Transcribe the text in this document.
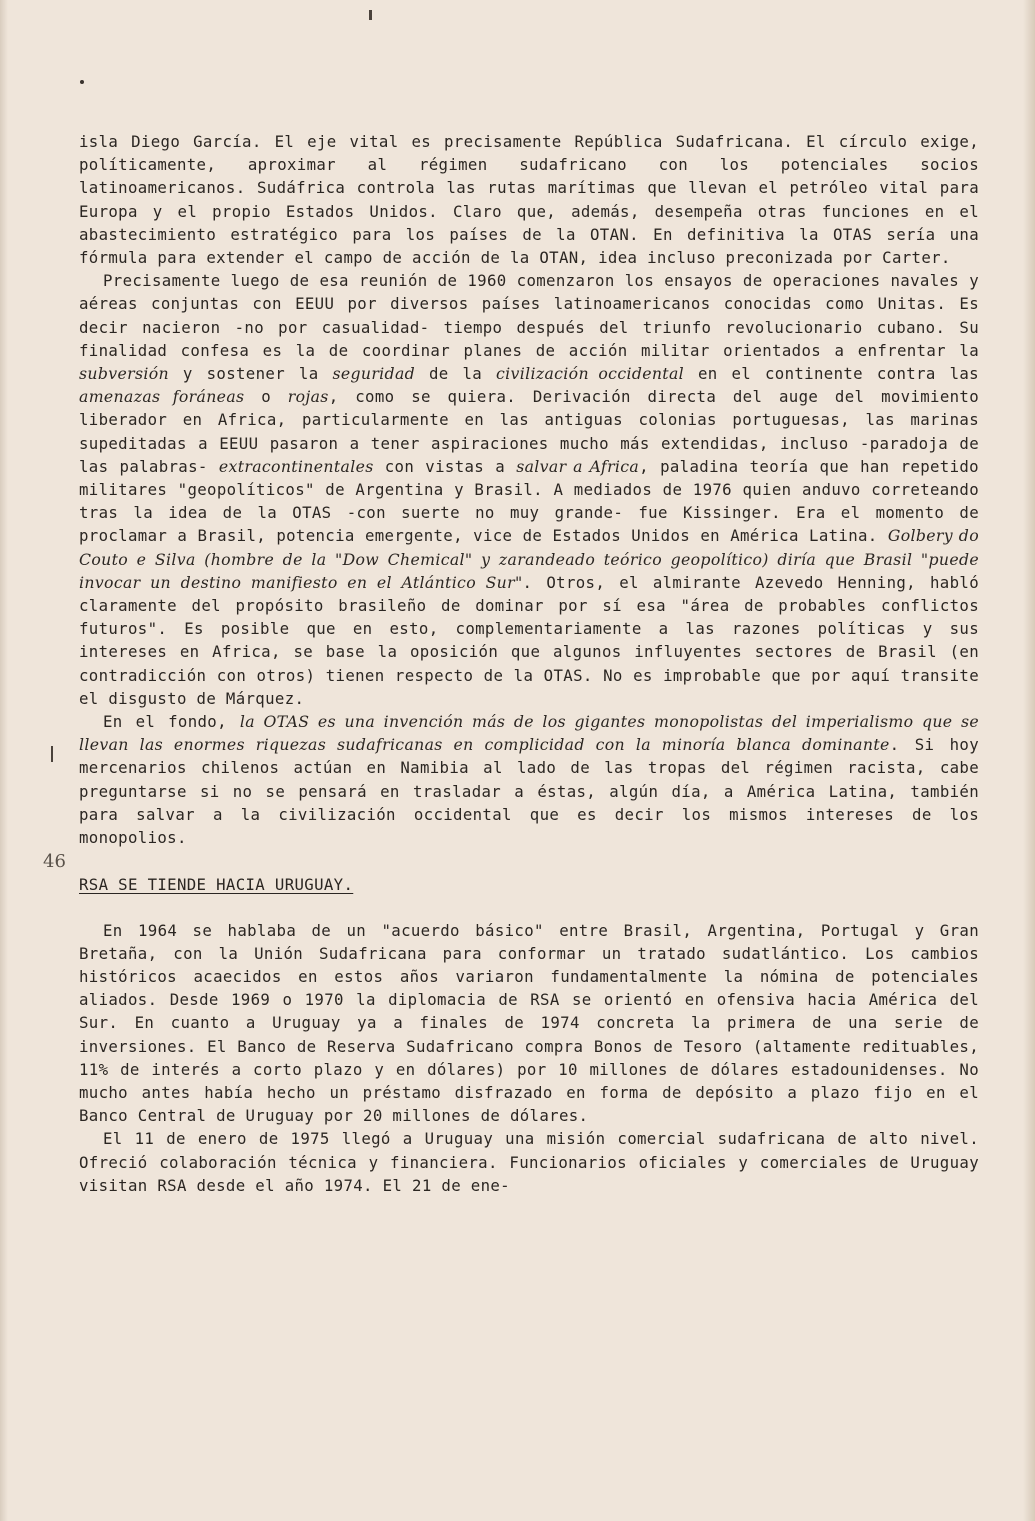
46

isla Diego García. El eje vital es precisamente República Sudafricana. El círculo exige, políticamente, aproximar al régimen sudafricano con los potenciales socios latinoamericanos. Sudáfrica controla las rutas marítimas que llevan el petróleo vital para Europa y el propio Estados Unidos. Claro que, además, desempeña otras funciones en el abastecimiento estratégico para los países de la OTAN. En definitiva la OTAS sería una fórmula para extender el campo de acción de la OTAN, idea incluso preconizada por Carter.

Precisamente luego de esa reunión de 1960 comenzaron los ensayos de operaciones navales y aéreas conjuntas con EEUU por diversos países latinoamericanos conocidas como Unitas. Es decir nacieron -no por casualidad- tiempo después del triunfo revolucionario cubano. Su finalidad confesa es la de coordinar planes de acción militar orientados a enfrentar la subversión y sostener la seguridad de la civilización occidental en el continente contra las amenazas foráneas o rojas, como se quiera. Derivación directa del auge del movimiento liberador en Africa, particularmente en las antiguas colonias portuguesas, las marinas supeditadas a EEUU pasaron a tener aspiraciones mucho más extendidas, incluso -paradoja de las palabras- extracontinentales con vistas a salvar a Africa, paladina teoría que han repetido militares "geopolíticos" de Argentina y Brasil. A mediados de 1976 quien anduvo correteando tras la idea de la OTAS -con suerte no muy grande- fue Kissinger. Era el momento de proclamar a Brasil, potencia emergente, vice de Estados Unidos en América Latina. Golbery do Couto e Silva (hombre de la "Dow Chemical" y zarandeado teórico geopolítico) diría que Brasil "puede invocar un destino manifiesto en el Atlántico Sur". Otros, el almirante Azevedo Henning, habló claramente del propósito brasileño de dominar por sí esa "área de probables conflictos futuros". Es posible que en esto, complementariamente a las razones políticas y sus intereses en Africa, se base la oposición que algunos influyentes sectores de Brasil (en contradicción con otros) tienen respecto de la OTAS. No es improbable que por aquí transite el disgusto de Márquez.

En el fondo, la OTAS es una invención más de los gigantes monopolistas del imperialismo que se llevan las enormes riquezas sudafricanas en complicidad con la minoría blanca dominante. Si hoy mercenarios chilenos actúan en Namibia al lado de las tropas del régimen racista, cabe preguntarse si no se pensará en trasladar a éstas, algún día, a América Latina, también para salvar a la civilización occidental que es decir los mismos intereses de los monopolios.

RSA SE TIENDE HACIA URUGUAY.

En 1964 se hablaba de un "acuerdo básico" entre Brasil, Argentina, Portugal y Gran Bretaña, con la Unión Sudafricana para conformar un tratado sudatlántico. Los cambios históricos acaecidos en estos años variaron fundamentalmente la nómina de potenciales aliados. Desde 1969 o 1970 la diplomacia de RSA se orientó en ofensiva hacia América del Sur. En cuanto a Uruguay ya a finales de 1974 concreta la primera de una serie de inversiones. El Banco de Reserva Sudafricano compra Bonos de Tesoro (altamente redituables, 11% de interés a corto plazo y en dólares) por 10 millones de dólares estadounidenses. No mucho antes había hecho un préstamo disfrazado en forma de depósito a plazo fijo en el Banco Central de Uruguay por 20 millones de dólares.

El 11 de enero de 1975 llegó a Uruguay una misión comercial sudafricana de alto nivel. Ofreció colaboración técnica y financiera. Funcionarios oficiales y comerciales de Uruguay visitan RSA desde el año 1974. El 21 de ene-
